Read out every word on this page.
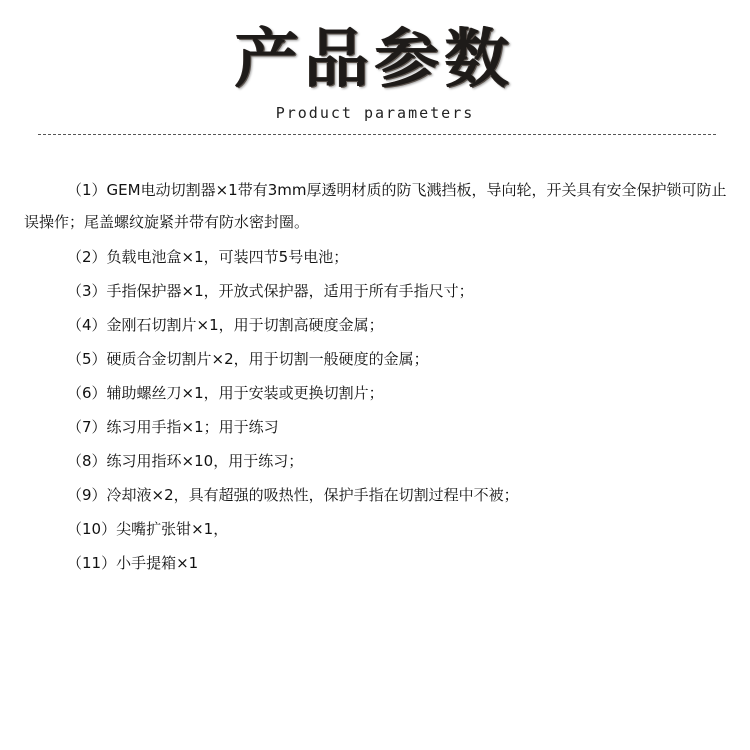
产品参数
Product parameters

（1）GEM电动切割器×1带有3mm厚透明材质的防飞溅挡板，导向轮，开关具有安全保护锁可防止误操作；尾盖螺纹旋紧并带有防水密封圈。

（2）负载电池盒×1，可装四节5号电池；

（3）手指保护器×1，开放式保护器，适用于所有手指尺寸；

（4）金刚石切割片×1，用于切割高硬度金属；

（5）硬质合金切割片×2，用于切割一般硬度的金属；

（6）辅助螺丝刀×1，用于安装或更换切割片；

（7）练习用手指×1；用于练习

（8）练习用指环×10，用于练习；

（9）冷却液×2，具有超强的吸热性，保护手指在切割过程中不被；

（10）尖嘴扩张钳×1，

（11）小手提箱×1
